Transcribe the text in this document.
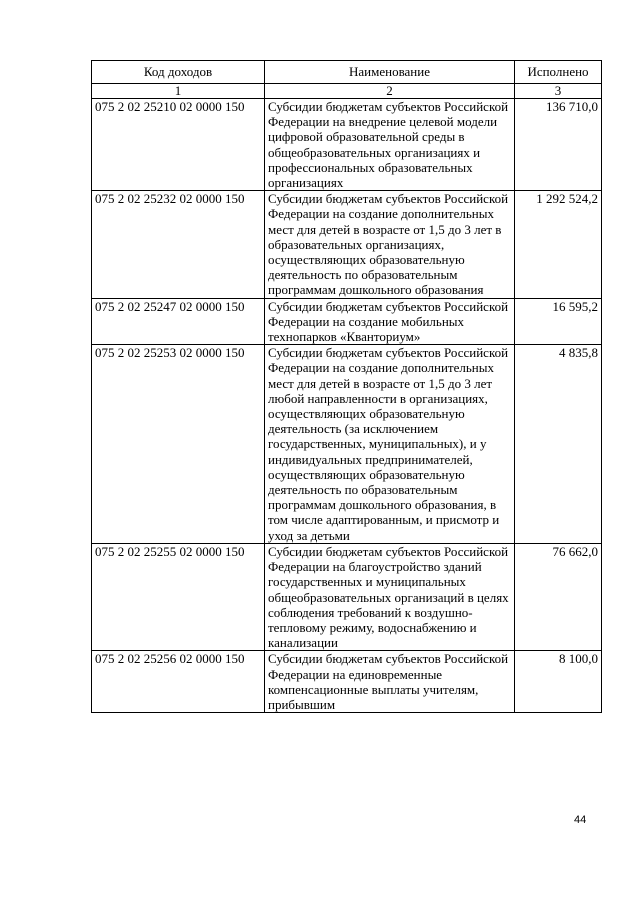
Код доходов	Наименование	Исполнено
1	2	3
075 2 02 25210 02 0000 150	Субсидии бюджетам субъектов Российской Федерации на внедрение целевой модели цифровой образовательной среды в общеобразовательных организациях и профессиональных образовательных организациях	136 710,0
075 2 02 25232 02 0000 150	Субсидии бюджетам субъектов Российской Федерации на создание дополнительных мест для детей в возрасте от 1,5 до 3 лет в образовательных организациях, осуществляющих образовательную деятельность по образовательным программам дошкольного образования	1 292 524,2
075 2 02 25247 02 0000 150	Субсидии бюджетам субъектов Российской Федерации на создание мобильных технопарков «Кванториум»	16 595,2
075 2 02 25253 02 0000 150	Субсидии бюджетам субъектов Российской Федерации на создание дополнительных мест для детей в возрасте от 1,5 до 3 лет любой направленности в организациях, осуществляющих образовательную деятельность (за исключением государственных, муниципальных), и у индивидуальных предпринимателей, осуществляющих образовательную деятельность по образовательным программам дошкольного образования, в том числе адаптированным, и присмотр и уход за детьми	4 835,8
075 2 02 25255 02 0000 150	Субсидии бюджетам субъектов Российской Федерации на благоустройство зданий государственных и муниципальных общеобразовательных организаций в целях соблюдения требований к воздушно-тепловому режиму, водоснабжению и канализации	76 662,0
075 2 02 25256 02 0000 150	Субсидии бюджетам субъектов Российской Федерации на единовременные компенсационные выплаты учителям, прибывшим	8 100,0
44
